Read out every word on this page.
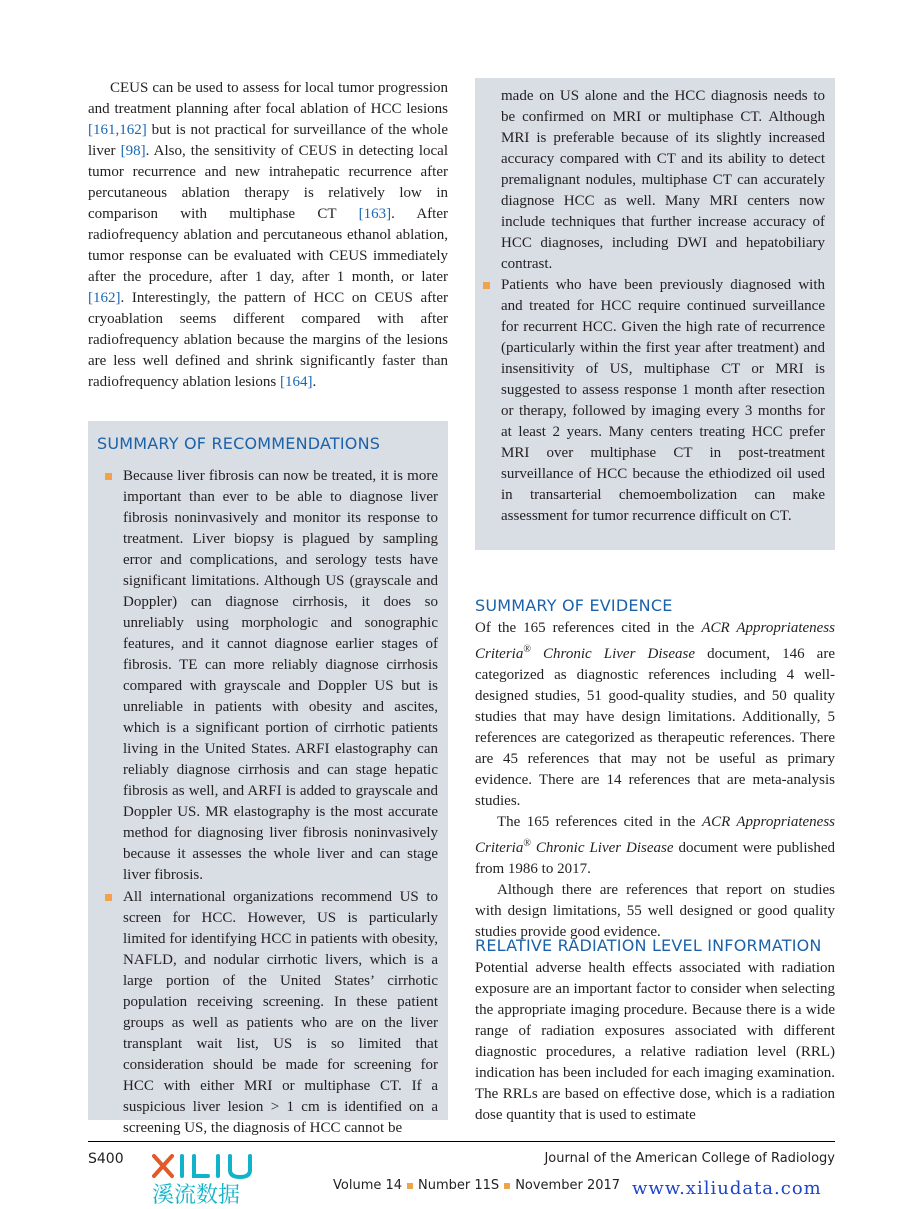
CEUS can be used to assess for local tumor progression and treatment planning after focal ablation of HCC lesions [161,162] but is not practical for surveillance of the whole liver [98]. Also, the sensitivity of CEUS in detecting local tumor recurrence and new intrahepatic recurrence after percutaneous ablation therapy is relatively low in comparison with multiphase CT [163]. After radiofrequency ablation and percutaneous ethanol ablation, tumor response can be evaluated with CEUS immediately after the procedure, after 1 day, after 1 month, or later [162]. Interestingly, the pattern of HCC on CEUS after cryoablation seems different compared with after radiofrequency ablation because the margins of the lesions are less well defined and shrink significantly faster than radiofrequency ablation lesions [164].

SUMMARY OF RECOMMENDATIONS

Because liver fibrosis can now be treated, it is more important than ever to be able to diagnose liver fibrosis noninvasively and monitor its response to treatment. Liver biopsy is plagued by sampling error and complications, and serology tests have significant limitations. Although US (grayscale and Doppler) can diagnose cirrhosis, it does so unreliably using morphologic and sonographic features, and it cannot diagnose earlier stages of fibrosis. TE can more reliably diagnose cirrhosis compared with grayscale and Doppler US but is unreliable in patients with obesity and ascites, which is a significant portion of cirrhotic patients living in the United States. ARFI elastography can reliably diagnose cirrhosis and can stage hepatic fibrosis as well, and ARFI is added to grayscale and Doppler US. MR elastography is the most accurate method for diagnosing liver fibrosis noninvasively because it assesses the whole liver and can stage liver fibrosis.
All international organizations recommend US to screen for HCC. However, US is particularly limited for identifying HCC in patients with obesity, NAFLD, and nodular cirrhotic livers, which is a large portion of the United States’ cirrhotic population receiving screening. In these patient groups as well as patients who are on the liver transplant wait list, US is so limited that consideration should be made for screening for HCC with either MRI or multiphase CT. If a suspicious liver lesion > 1 cm is identified on a screening US, the diagnosis of HCC cannot be
made on US alone and the HCC diagnosis needs to be confirmed on MRI or multiphase CT. Although MRI is preferable because of its slightly increased accuracy compared with CT and its ability to detect premalignant nodules, multiphase CT can accurately diagnose HCC as well. Many MRI centers now include techniques that further increase accuracy of HCC diagnoses, including DWI and hepatobiliary contrast.
Patients who have been previously diagnosed with and treated for HCC require continued surveillance for recurrent HCC. Given the high rate of recurrence (particularly within the first year after treatment) and insensitivity of US, multiphase CT or MRI is suggested to assess response 1 month after resection or therapy, followed by imaging every 3 months for at least 2 years. Many centers treating HCC prefer MRI over multiphase CT in post-treatment surveillance of HCC because the ethiodized oil used in transarterial chemoembolization can make assessment for tumor recurrence difficult on CT.

SUMMARY OF EVIDENCE

Of the 165 references cited in the ACR Appropriateness Criteria® Chronic Liver Disease document, 146 are categorized as diagnostic references including 4 well-designed studies, 51 good-quality studies, and 50 quality studies that may have design limitations. Additionally, 5 references are categorized as therapeutic references. There are 45 references that may not be useful as primary evidence. There are 14 references that are meta-analysis studies.

The 165 references cited in the ACR Appropriateness Criteria® Chronic Liver Disease document were published from 1986 to 2017.

Although there are references that report on studies with design limitations, 55 well designed or good quality studies provide good evidence.

RELATIVE RADIATION LEVEL INFORMATION

Potential adverse health effects associated with radiation exposure are an important factor to consider when selecting the appropriate imaging procedure. Because there is a wide range of radiation exposures associated with different diagnostic procedures, a relative radiation level (RRL) indication has been included for each imaging examination. The RRLs are based on effective dose, which is a radiation dose quantity that is used to estimate

S400	Journal of the American College of Radiology
Volume 14 Number 11S November 2017
溪流数据	www.xiliudata.com
